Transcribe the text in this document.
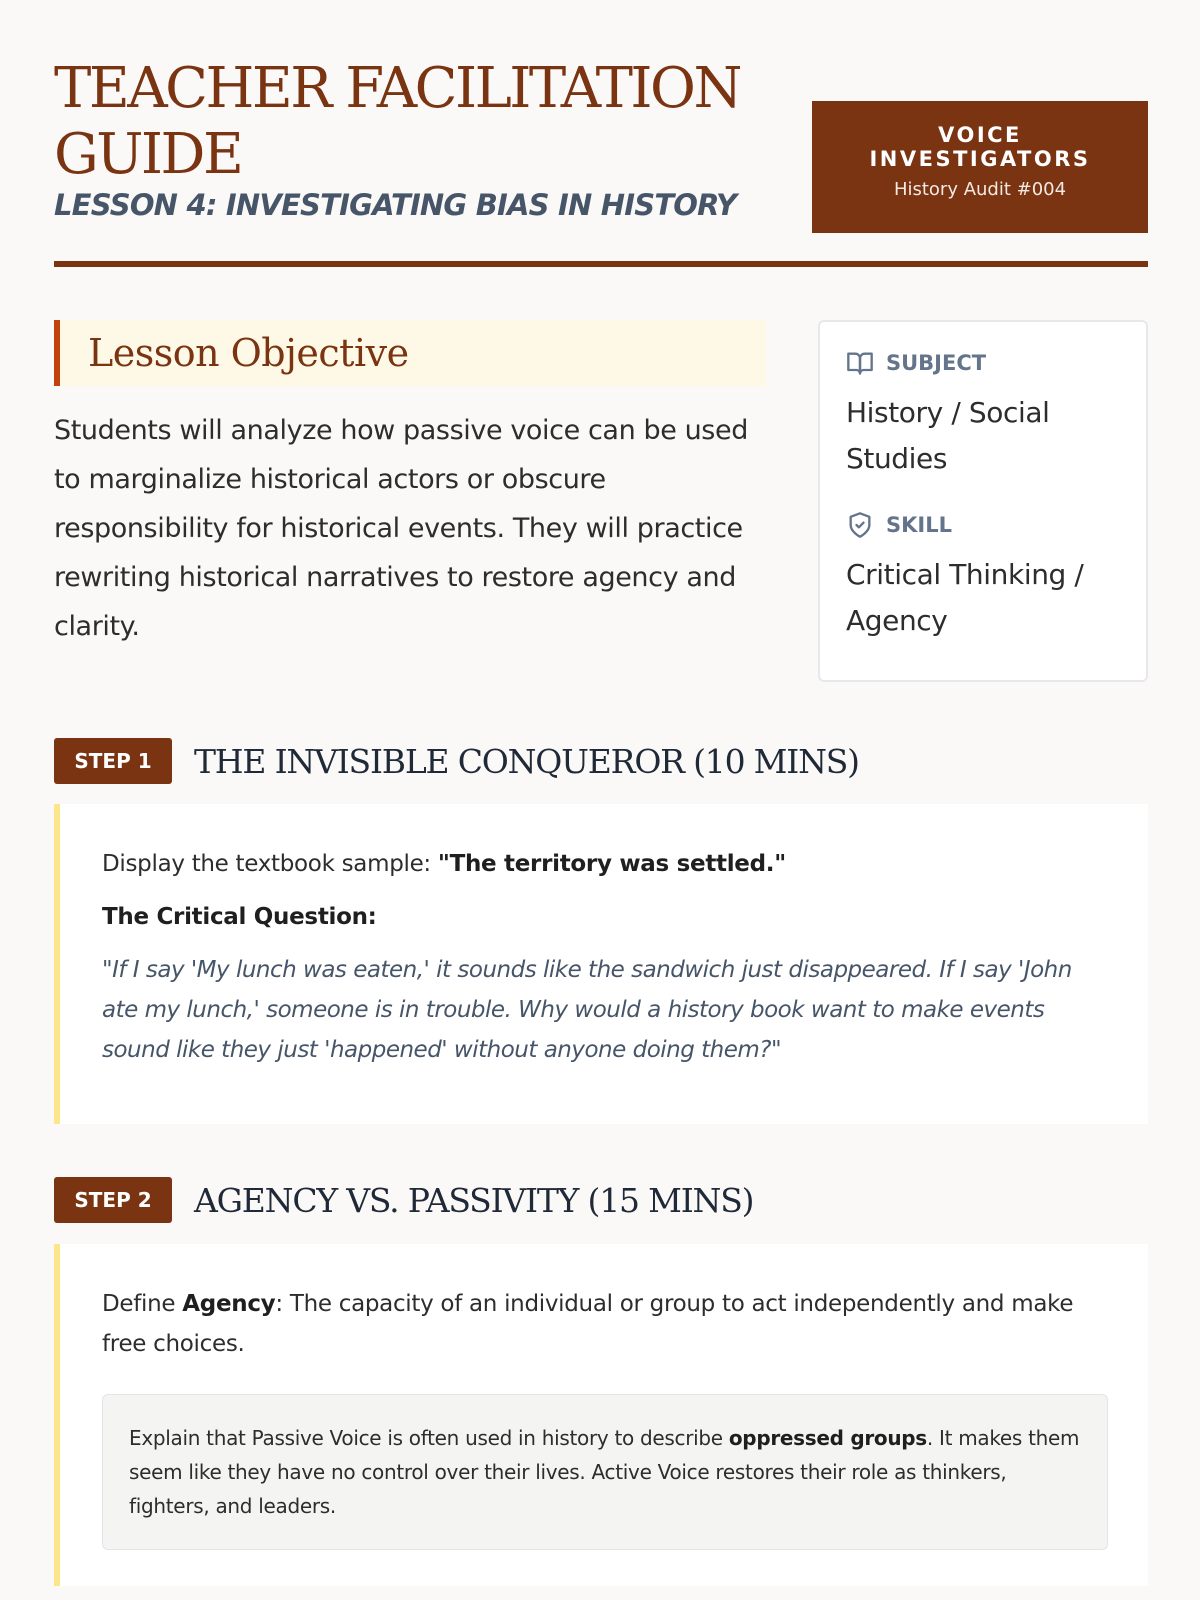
TEACHER FACILITATION GUIDE
LESSON 4: INVESTIGATING BIAS IN HISTORY
VOICE INVESTIGATORS
History Audit #004
Lesson Objective

Students will analyze how passive voice can be used to marginalize historical actors or obscure responsibility for historical events. They will practice rewriting historical narratives to restore agency and clarity.

SUBJECT
History / Social Studies
SKILL
Critical Thinking / Agency
STEP 1	THE INVISIBLE CONQUEROR (10 MINS)

Display the textbook sample: "The territory was settled."

The Critical Question:

"If I say 'My lunch was eaten,' it sounds like the sandwich just disappeared. If I say 'John ate my lunch,' someone is in trouble. Why would a history book want to make events sound like they just 'happened' without anyone doing them?"

STEP 2	AGENCY VS. PASSIVITY (15 MINS)

Define Agency: The capacity of an individual or group to act independently and make free choices.

Explain that Passive Voice is often used in history to describe oppressed groups. It makes them seem like they have no control over their lives. Active Voice restores their role as thinkers, fighters, and leaders.
